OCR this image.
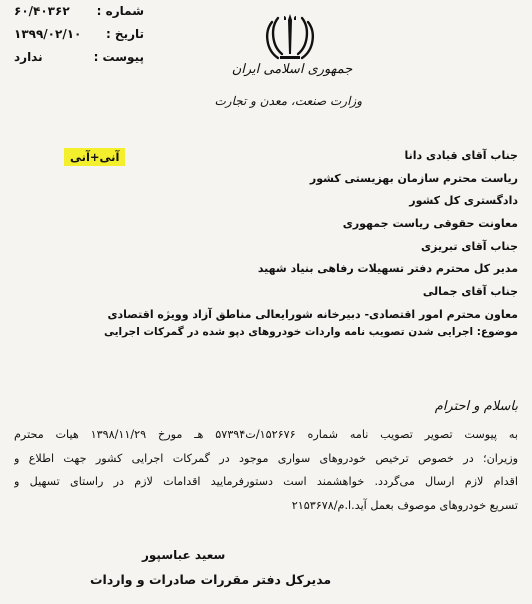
جمهوری اسلامی ایران
وزارت صنعت، معدن و تجارت
شماره :
۶۰/۴۰۳۶۲
تاریخ :
۱۳۹۹/۰۲/۱۰
پیوست :
ندارد
آنی+آنی	جناب آقای قبادی دانا
ریاست محترم سازمان بهزیستی کشور
دادگستری کل کشور
معاونت حقوقی ریاست جمهوری
جناب آقای تبریزی
مدیر کل محترم دفتر تسهیلات رفاهی بنیاد شهید
جناب آقای جمالی
معاون محترم امور اقتصادی- دبیرخانه شورایعالی مناطق آزاد وویژه اقتصادی
موضوع: اجرایی شدن تصویب نامه واردات خودروهای دپو شده در گمرکات اجرایی
باسلام و احترام
به پیوست تصویر تصویب نامه شماره ۱۵۲۶۷۶/ت۵۷۳۹۴ هـ مورخ ۱۳۹۸/۱۱/۲۹ هیات محترم
وزیران؛ در خصوص ترخیص خودروهای سواری موجود در گمرکات اجرایی کشور جهت اطلاع و
اقدام لازم ارسال می‌گردد. خواهشمند است دستورفرمایید اقدامات لازم در راستای تسهیل و
تسریع خودروهای موصوف بعمل آید.ا.م/۲۱۵۳۶۷۸
سعید عباسپور
مدیرکل دفتر مقررات صادرات و واردات
